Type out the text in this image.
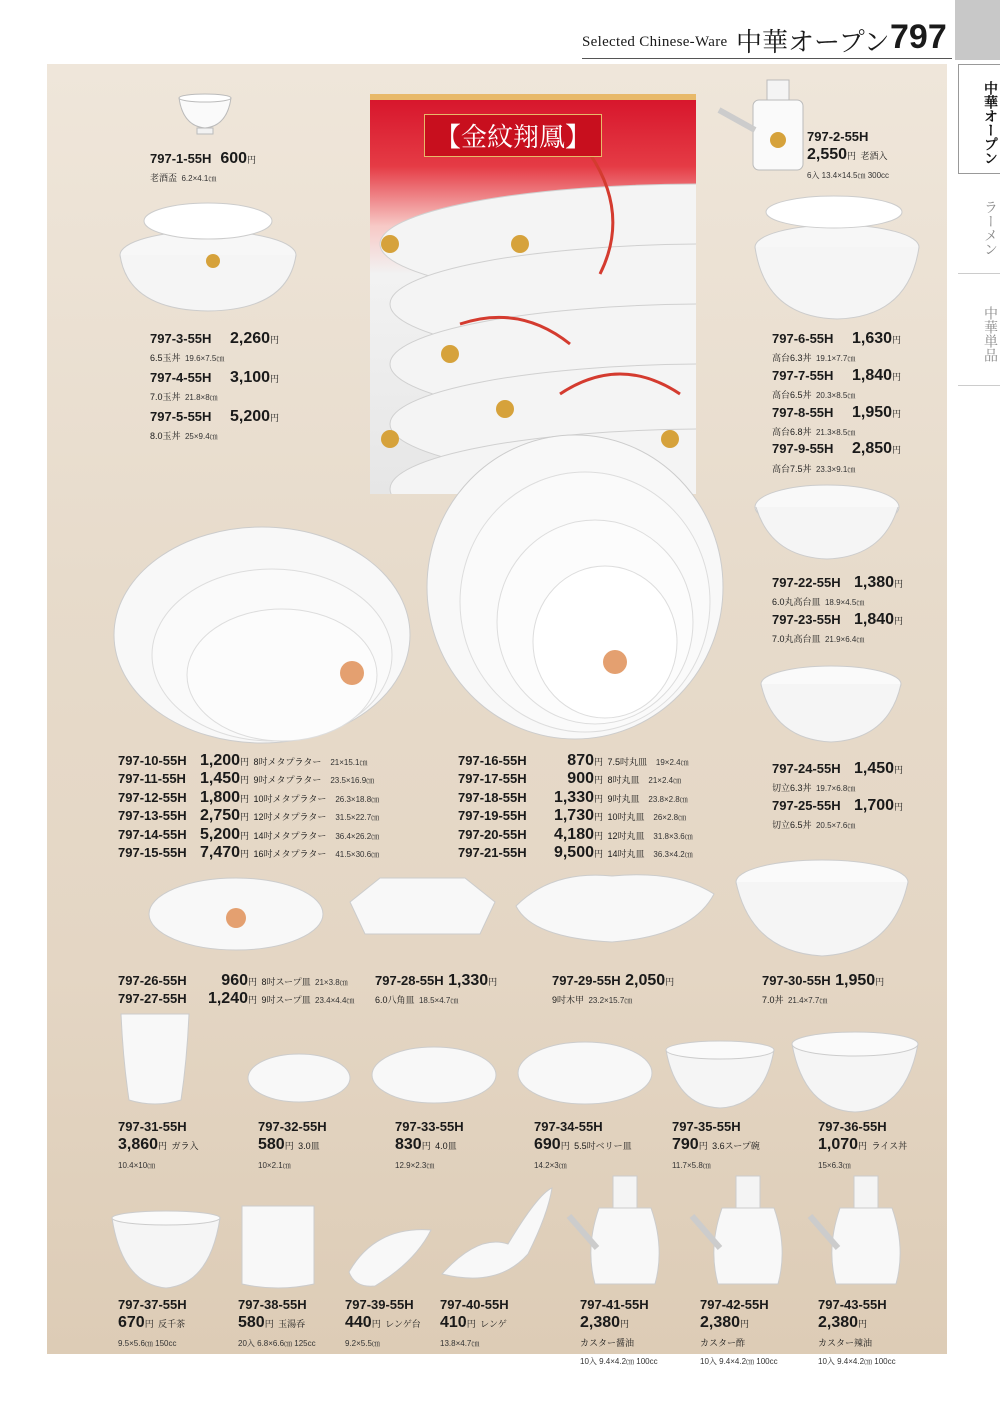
Selected Chinese-Ware 中華オープン 797
中華オープン
ラーメン
中華単品
【金紋翔鳳】
797-1-55H 600円
老酒盃 6.2×4.1㎝
797-2-55H
2,550円 老酒入
6入 13.4×14.5㎝ 300cc
797-3-55H 2,260円
6.5玉丼 19.6×7.5㎝
797-4-55H 3,100円
7.0玉丼 21.8×8㎝
797-5-55H 5,200円
8.0玉丼 25×9.4㎝
797-6-55H 1,630円
高台6.3丼 19.1×7.7㎝
797-7-55H 1,840円
高台6.5丼 20.3×8.5㎝
797-8-55H 1,950円
高台6.8丼 21.3×8.5㎝
797-9-55H 2,850円
高台7.5丼 23.3×9.1㎝
797-22-55H 1,380円
6.0丸高台皿 18.9×4.5㎝
797-23-55H 1,840円
7.0丸高台皿 21.9×6.4㎝
797-24-55H 1,450円
切立6.3丼 19.7×6.8㎝
797-25-55H 1,700円
切立6.5丼 20.5×7.6㎝
797-10-55H 1,200円 8吋メタプラター 21×15.1㎝
797-11-55H 1,450円 9吋メタプラター 23.5×16.9㎝
797-12-55H 1,800円 10吋メタプラター 26.3×18.8㎝
797-13-55H 2,750円 12吋メタプラター 31.5×22.7㎝
797-14-55H 5,200円 14吋メタプラター 36.4×26.2㎝
797-15-55H 7,470円 16吋メタプラター 41.5×30.6㎝
797-16-55H	870円 7.5吋丸皿 19×2.4㎝
797-17-55H	900円 8吋丸皿 21×2.4㎝
797-18-55H 1,330円 9吋丸皿 23.8×2.8㎝
797-19-55H 1,730円 10吋丸皿 26×2.8㎝
797-20-55H 4,180円 12吋丸皿 31.8×3.6㎝
797-21-55H 9,500円 14吋丸皿 36.3×4.2㎝
797-26-55H 960円 8吋スープ皿 21×3.8㎝
797-27-55H 1,240円 9吋スープ皿 23.4×4.4㎝
797-28-55H 1,330円
6.0八角皿 18.5×4.7㎝
797-29-55H 2,050円
9吋木甲 23.2×15.7㎝
797-30-55H 1,950円
7.0丼 21.4×7.7㎝
797-31-55H
3,860円 ガラ入
10.4×10㎝
797-32-55H
580円 3.0皿
10×2.1㎝
797-33-55H
830円 4.0皿
12.9×2.3㎝
797-34-55H
690円 5.5吋ベリー皿
14.2×3㎝
797-35-55H
790円 3.6スープ碗
11.7×5.8㎝
797-36-55H
1,070円 ライス丼
15×6.3㎝
797-37-55H
670円 反千茶
9.5×5.6㎝ 150cc
797-38-55H
580円 玉湯呑
20入 6.8×6.6㎝ 125cc
797-39-55H
440円 レンゲ台
9.2×5.5㎝
797-40-55H
410円 レンゲ
13.8×4.7㎝
797-41-55H
2,380円
カスター醤油
10入 9.4×4.2㎝ 100cc
797-42-55H
2,380円
カスター酢
10入 9.4×4.2㎝ 100cc
797-43-55H
2,380円
カスター辣油
10入 9.4×4.2㎝ 100cc
